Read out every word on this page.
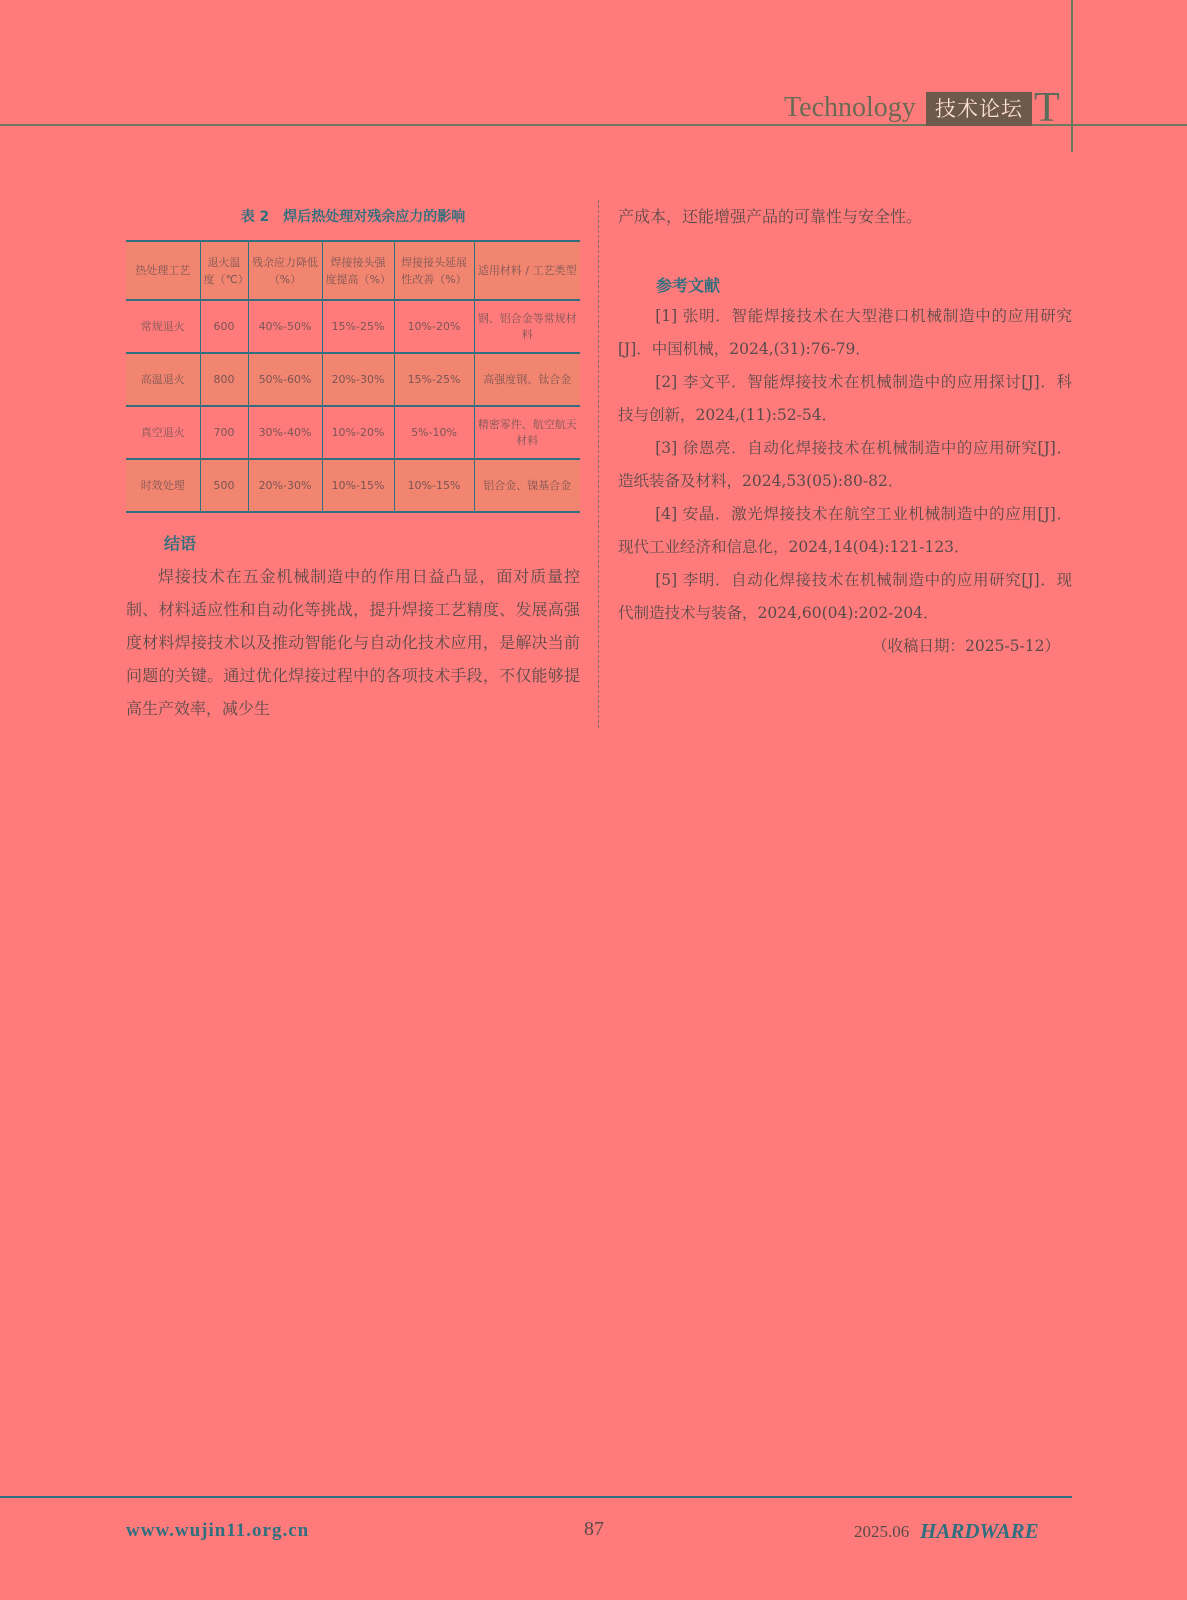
Technology 技术论坛 T
表 2　焊后热处理对残余应力的影响
热处理工艺	退火温度（℃）	残余应力降低（%）	焊接接头强度提高（%）	焊接接头延展性改善（%）	适用材料 / 工艺类型
常规退火	600	40%-50%	15%-25%	10%-20%	钢、铝合金等常规材料
高温退火	800	50%-60%	20%-30%	15%-25%	高强度钢、钛合金
真空退火	700	30%-40%	10%-20%	5%-10%	精密零件、航空航天材料
时效处理	500	20%-30%	10%-15%	10%-15%	铝合金、镍基合金
结语

焊接技术在五金机械制造中的作用日益凸显，面对质量控制、材料适应性和自动化等挑战，提升焊接工艺精度、发展高强度材料焊接技术以及推动智能化与自动化技术应用，是解决当前问题的关键。通过优化焊接过程中的各项技术手段，不仅能够提高生产效率，减少生

产成本，还能增强产品的可靠性与安全性。

参考文献

[1] 张明．智能焊接技术在大型港口机械制造中的应用研究[J]．中国机械，2024,(31):76-79．

[2] 李文平．智能焊接技术在机械制造中的应用探讨[J]．科技与创新，2024,(11):52-54．

[3] 徐恩亮．自动化焊接技术在机械制造中的应用研究[J]．造纸装备及材料，2024,53(05):80-82．

[4] 安晶．激光焊接技术在航空工业机械制造中的应用[J]．现代工业经济和信息化，2024,14(04):121-123．

[5] 李明．自动化焊接技术在机械制造中的应用研究[J]．现代制造技术与装备，2024,60(04):202-204．

（收稿日期：2025-5-12）

www.wujin11.org.cn	87	2025.06 HARDWARE
